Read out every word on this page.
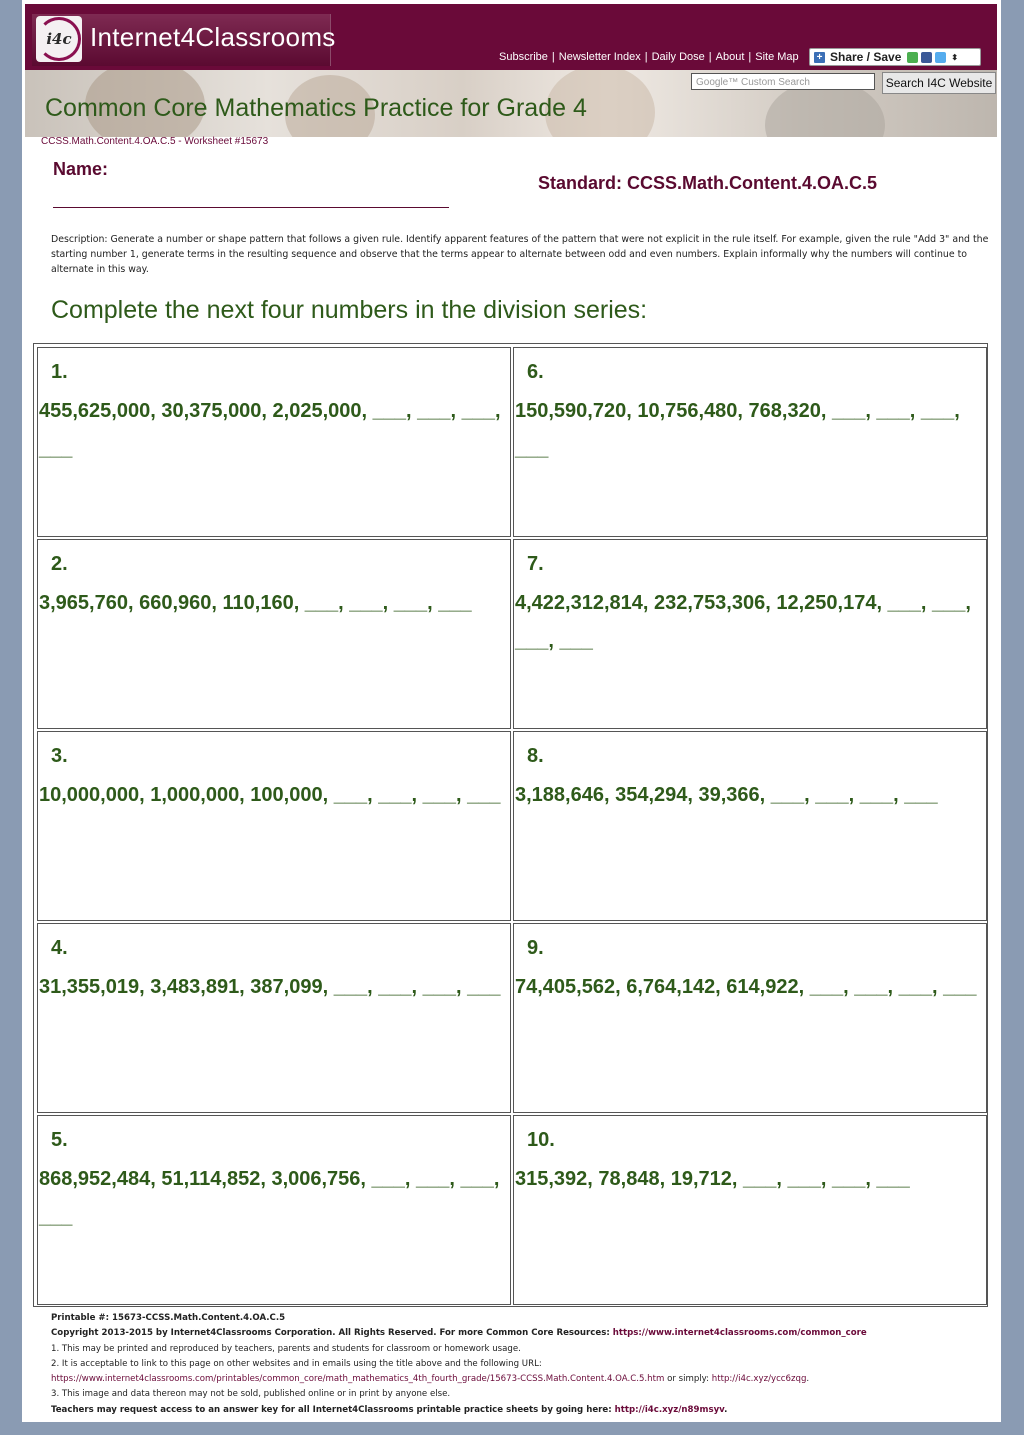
i4c Internet4Classrooms
Subscribe | Newsletter Index | Daily Dose | About | Site Map	+ Share / Save	⬍
Google™ Custom Search	Search I4C Website
Common Core Mathematics Practice for Grade 4
CCSS.Math.Content.4.OA.C.5 - Worksheet #15673
Name:
Standard: CCSS.Math.Content.4.OA.C.5
Description: Generate a number or shape pattern that follows a given rule. Identify apparent features of the pattern that were not explicit in the rule itself. For example, given the rule "Add 3" and the starting number 1, generate terms in the resulting sequence and observe that the terms appear to alternate between odd and even numbers. Explain informally why the numbers will continue to alternate in this way.
Complete the next four numbers in the division series:
1.
455,625,000, 30,375,000, 2,025,000, ___, ___, ___, ___
2.
3,965,760, 660,960, 110,160, ___, ___, ___, ___
3.
10,000,000, 1,000,000, 100,000, ___, ___, ___, ___
4.
31,355,019, 3,483,891, 387,099, ___, ___, ___, ___
5.
868,952,484, 51,114,852, 3,006,756, ___, ___, ___, ___
6.
150,590,720, 10,756,480, 768,320, ___, ___, ___, ___
7.
4,422,312,814, 232,753,306, 12,250,174, ___, ___, ___, ___
8.
3,188,646, 354,294, 39,366, ___, ___, ___, ___
9.
74,405,562, 6,764,142, 614,922, ___, ___, ___, ___
10.
315,392, 78,848, 19,712, ___, ___, ___, ___
Printable #: 15673-CCSS.Math.Content.4.OA.C.5
Copyright 2013-2015 by Internet4Classrooms Corporation. All Rights Reserved. For more Common Core Resources: https://www.internet4classrooms.com/common_core
1. This may be printed and reproduced by teachers, parents and students for classroom or homework usage.
2. It is acceptable to link to this page on other websites and in emails using the title above and the following URL:
https://www.internet4classrooms.com/printables/common_core/math_mathematics_4th_fourth_grade/15673-CCSS.Math.Content.4.OA.C.5.htm or simply: http://i4c.xyz/ycc6zqg.
3. This image and data thereon may not be sold, published online or in print by anyone else.
Teachers may request access to an answer key for all Internet4Classrooms printable practice sheets by going here: http://i4c.xyz/n89msyv.
